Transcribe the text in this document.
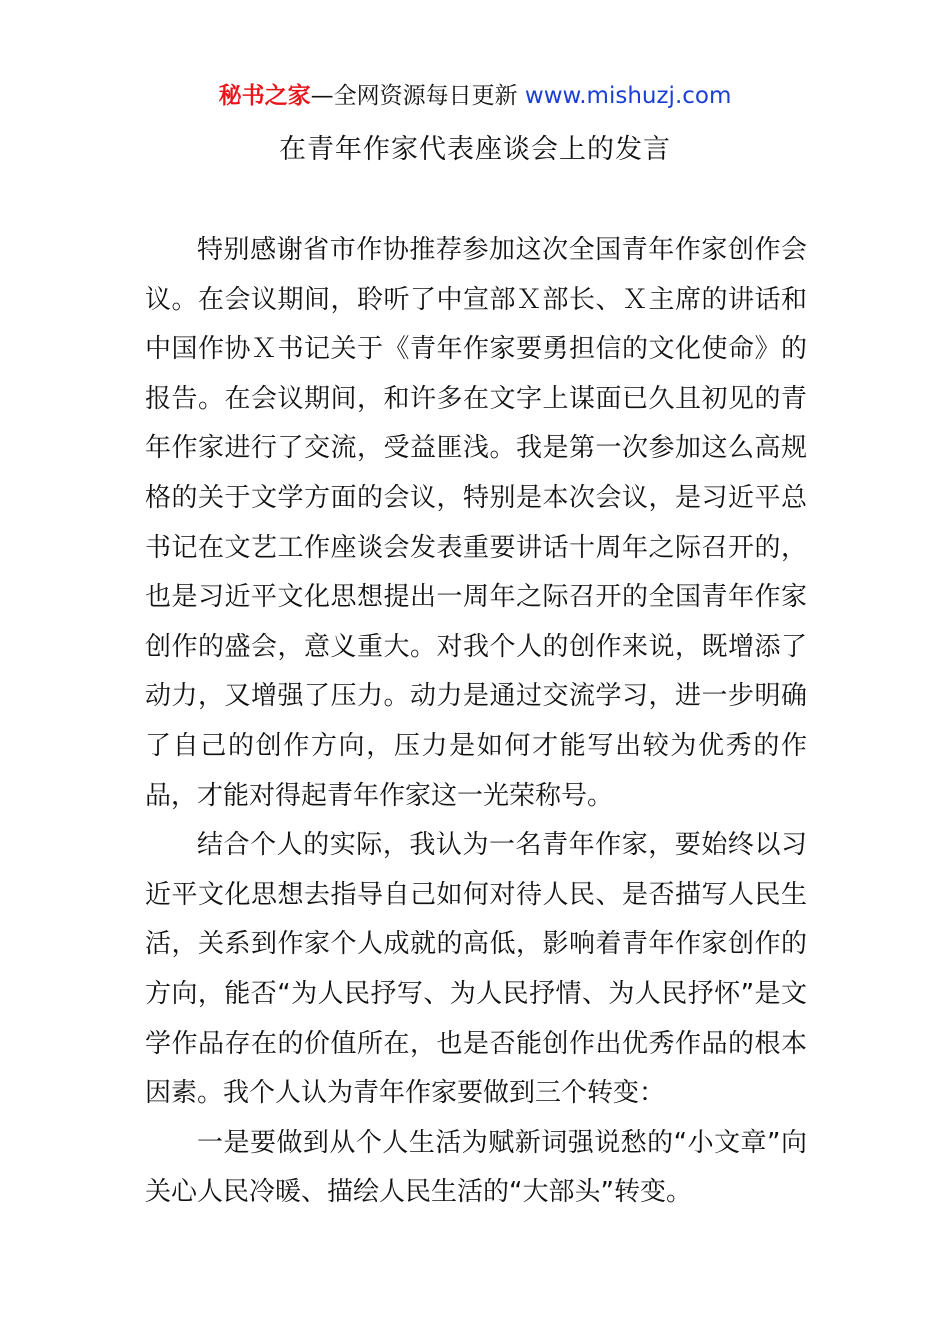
秘书之家—全网资源每日更新 www.mishuzj.com
在青年作家代表座谈会上的发言

特别感谢省市作协推荐参加这次全国青年作家创作会议。在会议期间，聆听了中宣部Ｘ部长、Ｘ主席的讲话和中国作协Ｘ书记关于《青年作家要勇担信的文化使命》的报告。在会议期间，和许多在文字上谋面已久且初见的青年作家进行了交流，受益匪浅。我是第一次参加这么高规格的关于文学方面的会议，特别是本次会议，是习近平总书记在文艺工作座谈会发表重要讲话十周年之际召开的，也是习近平文化思想提出一周年之际召开的全国青年作家创作的盛会，意义重大。对我个人的创作来说，既增添了动力，又增强了压力。动力是通过交流学习，进一步明确了自己的创作方向，压力是如何才能写出较为优秀的作品，才能对得起青年作家这一光荣称号。

结合个人的实际，我认为一名青年作家，要始终以习近平文化思想去指导自己如何对待人民、是否描写人民生活，关系到作家个人成就的高低，影响着青年作家创作的方向，能否“为人民抒写、为人民抒情、为人民抒怀”是文学作品存在的价值所在，也是否能创作出优秀作品的根本因素。我个人认为青年作家要做到三个转变：

一是要做到从个人生活为赋新词强说愁的“小文章”向关心人民冷暖、描绘人民生活的“大部头”转变。
